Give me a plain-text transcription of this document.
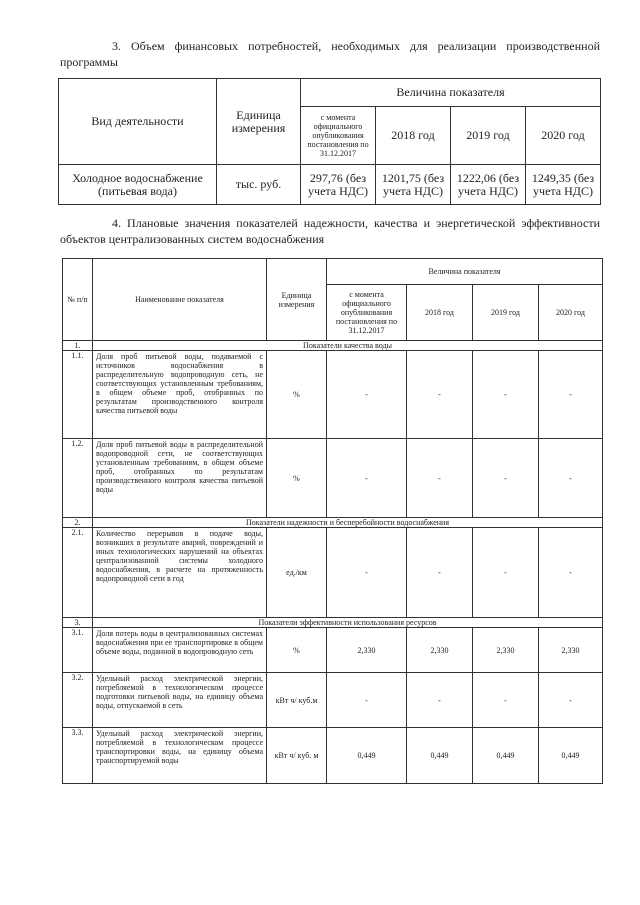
3. Объем финансовых потребностей, необходимых для реализации производственной программы
Вид деятельности	Единица измерения	Величина показателя			
		с момента официального опубликования постановления по 31.12.2017	2018 год	2019 год	2020 год
Холодное водоснабжение (питьевая вода)	тыс. руб.	297,76 (без учета НДС)	1201,75 (без учета НДС)	1222,06 (без учета НДС)	1249,35 (без учета НДС)
4. Плановые значения показателей надежности, качества и энергетической эффективности объектов централизованных систем водоснабжения
№ п/п	Наименование показателя	Единица измерения	Величина показателя			
			с момента официального опубликования постановления по 31.12.2017	2018 год	2019 год	2020 год
1.	Показатели качества воды					
1.1.	Доля проб питьевой воды, подаваемой с источников водоснабжения в распределительную водопроводную сеть, не соответствующих установленным требованиям, в общем объеме проб, отобранных по результатам производственного контроля качества питьевой воды	%	-	-	-	-
1.2.	Доля проб питьевой воды в распределительной водопроводной сети, не соответствующих установленным требованиям, в общем объеме проб, отобранных по результатам производственного контроля качества питьевой воды	%	-	-	-	-
2.	Показатели надежности и бесперебойности водоснабжения					
2.1.	Количество перерывов в подаче воды, возникших в результате аварий, повреждений и иных технологических нарушений на объектах централизованной системы холодного водоснабжения, в расчете на протяженность водопроводной сети в год	ед./км	-	-	-	-
3.	Показатели эффективности использования ресурсов					
3.1.	Доля потерь воды в централизованных системах водоснабжения при ее транспортировке в общем объеме воды, поданной в водопроводную сеть	%	2,330	2,330	2,330	2,330
3.2.	Удельный расход электрической энергии, потребляемой в технологическом процессе подготовки питьевой воды, на единицу объема воды, отпускаемой в сеть	кВт ч/ куб.м	-	-	-	-
3.3.	Удельный расход электрической энергии, потребляемой в технологическом процессе транспортировки воды, на единицу объема транспортируемой воды	кВт ч/ куб. м	0,449	0,449	0,449	0,449
